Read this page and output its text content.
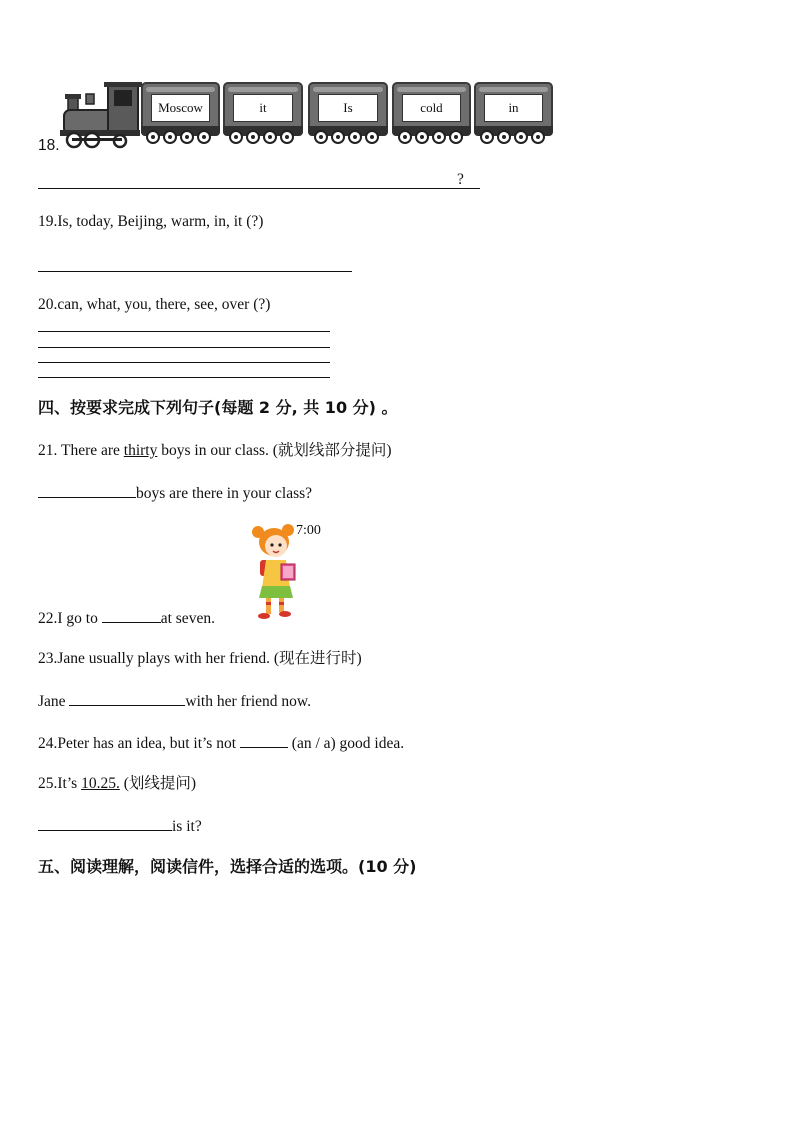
Moscow	it	Is	cold	in
18.
?
19.Is, today, Beijing, warm, in, it (?)
20.can, what, you, there, see, over (?)
四、按要求完成下列句子(每题 2 分, 共 10 分) 。
21. There are thirty boys in our class. (就划线部分提问)
boys are there in your class?
7:00
22.I go to	at seven.
23.Jane usually plays with her friend. (现在进行时)
Jane	with her friend now.
24.Peter has an idea, but it’s not	(an / a) good idea.
25.It’s 10.25. (划线提问)
is it?
五、阅读理解，阅读信件，选择合适的选项。(10 分)
